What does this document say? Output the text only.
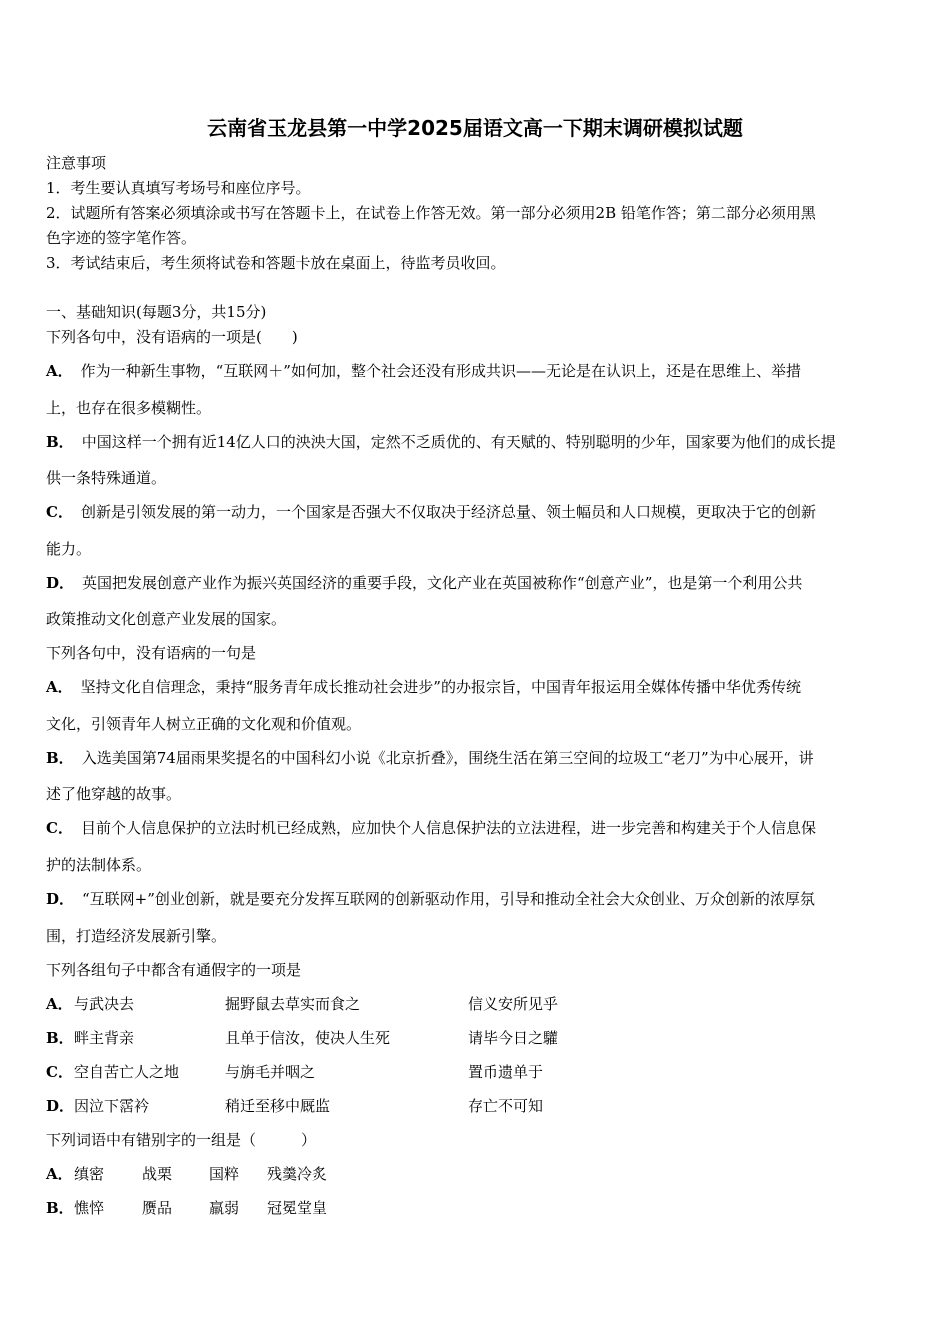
云南省玉龙县第一中学2025届语文高一下期末调研模拟试题
注意事项
1．考生要认真填写考场号和座位序号。
2．试题所有答案必须填涂或书写在答题卡上，在试卷上作答无效。第一部分必须用2B 铅笔作答；第二部分必须用黑
色字迹的签字笔作答。
3．考试结束后，考生须将试卷和答题卡放在桌面上，待监考员收回。
一、基础知识(每题3分，共15分)
下列各句中，没有语病的一项是(　　)
A． 作为一种新生事物，“互联网＋”如何加，整个社会还没有形成共识——无论是在认识上，还是在思维上、举措
上，也存在很多模糊性。
B． 中国这样一个拥有近14亿人口的泱泱大国，定然不乏质优的、有天赋的、特别聪明的少年，国家要为他们的成长提
供一条特殊通道。
C． 创新是引领发展的第一动力，一个国家是否强大不仅取决于经济总量、领土幅员和人口规模，更取决于它的创新
能力。
D． 英国把发展创意产业作为振兴英国经济的重要手段，文化产业在英国被称作“创意产业”，也是第一个利用公共
政策推动文化创意产业发展的国家。
下列各句中，没有语病的一句是
A． 坚持文化自信理念，秉持“服务青年成长推动社会进步”的办报宗旨，中国青年报运用全媒体传播中华优秀传统
文化，引领青年人树立正确的文化观和价值观。
B． 入选美国第74届雨果奖提名的中国科幻小说《北京折叠》，围绕生活在第三空间的垃圾工“老刀”为中心展开，讲
述了他穿越的故事。
C． 目前个人信息保护的立法时机已经成熟，应加快个人信息保护法的立法进程，进一步完善和构建关于个人信息保
护的法制体系。
D． “互联网+”创业创新，就是要充分发挥互联网的创新驱动作用，引导和推动全社会大众创业、万众创新的浓厚氛
围，打造经济发展新引擎。
下列各组句子中都含有通假字的一项是
A． 与武决去	掘野鼠去草实而食之	信义安所见乎
B． 畔主背亲	且单于信汝，使决人生死	请毕今日之驩
C． 空自苦亡人之地	与旃毛并咽之	置币遗单于
D． 因泣下霑衿	稍迁至移中厩监	存亡不可知
下列词语中有错别字的一组是（　　　）
A． 缜密	战栗 国粹 残羹冷炙
B． 憔悴	赝品 羸弱 冠冕堂皇
